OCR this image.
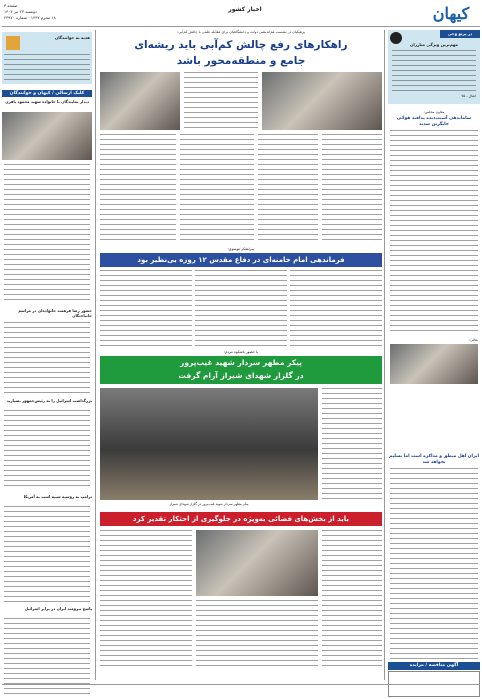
کیهان
اخبار کشور
صفحه ۳
دوشنبه ۲۳ تیر ۱۴۰۴
۱۸ محرم ۱۴۴۷ - شماره ۲۳۹۷۰
در پرتو وحی
مهم‌ترین ویژگی مبارزان
انفال - ۷۵
معاون مجلس:
ساماندهی آسیب‌دیده پدافند هوائی جایگزین شدند
بقائی:
ایران اهل منطق و مذاکره است اما تسلیم نخواهد شد
آگهی مناقصه / مزایده
هدیه به خوانندگان
کلیک ارسالی / کیهان و خوانندگان
دیدار نمایندگان با خانواده شهید محمود باقری
حضور رضا فرهمند خانواده‌ای در مراسم جانباختگان
بزرگداشت اسرائیل را به رئیس‌جمهور بسپارید
ترامپ به روسیه شبیه است به آمریکا
پاسخ نیرومند ایران در برابر اسرائیل
پزشکیان در نشست هم‌اندیشی دولت و دانشگاهیان برای مقابله علمی با چالش کم‌آبی:
راهکارهای رفع چالش کم‌آبی باید ریشه‌ای
جامع و منطقه‌محور باشد
سرلشکر موسوی:
فرماندهی امام خامنه‌ای در دفاع مقدس ۱۲ روزه بی‌نظیر بود
با حضور باشکوه مردم:
پیکر مطهر سردار شهید غیب‌پرور
در گلزار شهدای شیراز آرام گرفت
پیکر مطهر سردار شهید غیب‌پرور در گلزار شهدای شیراز
باید از بخش‌های فضائی به‌ویژه در جلوگیری از احتکار تقدیر کرد
